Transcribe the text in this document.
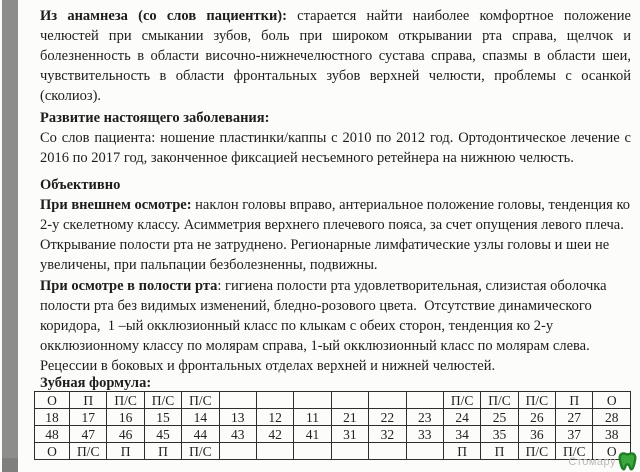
Из анамнеза (со слов пациентки): старается найти наиболее комфортное положение челюстей при смыкании зубов, боль при широком открывании рта справа, щелчок и болезненность в области височно-нижнечелюстного сустава справа, спазмы в области шеи, чувствительность в области фронтальных зубов верхней челюсти, проблемы с осанкой (сколиоз).

Развитие настоящего заболевания:

Со слов пациента: ношение пластинки/каппы с 2010 по 2012 год. Ортодонтическое лечение с 2016 по 2017 год, законченное фиксацией несъемного ретейнера на нижнюю челюсть.

Объективно

При внешнем осмотре: наклон головы вправо, антериальное положение головы, тенденция ко 2-у скелетному классу. Асимметрия верхнего плечевого пояса, за счет опущения левого плеча. Открывание полости рта не затруднено. Регионарные лимфатические узлы головы и шеи не увеличены, при пальпации безболезненны, подвижны.

При осмотре в полости рта: гигиена полости рта удовлетворительная, слизистая оболочка полости рта без видимых изменений, бледно-розового цвета.  Отсутствие динамического коридора,  1 –ый окклюзионный класс по клыкам с обеих сторон, тенденция ко 2-у окклюзионному классу по молярам справа, 1-ый окклюзионный класс по молярам слева. Рецессии в боковых и фронтальных отделах верхней и нижней челюстей.

Зубная формула:

О	П	П/С	П/С	П/С							П/С	П/С	П/С	П	О
18	17	16	15	14	13	12	11	21	22	23	24	25	26	27	28
48	47	46	45	44	43	42	41	31	32	33	34	35	36	37	38
О	П/С	П	П	П/С							П	П	П/С	П/С	О
Стомару
